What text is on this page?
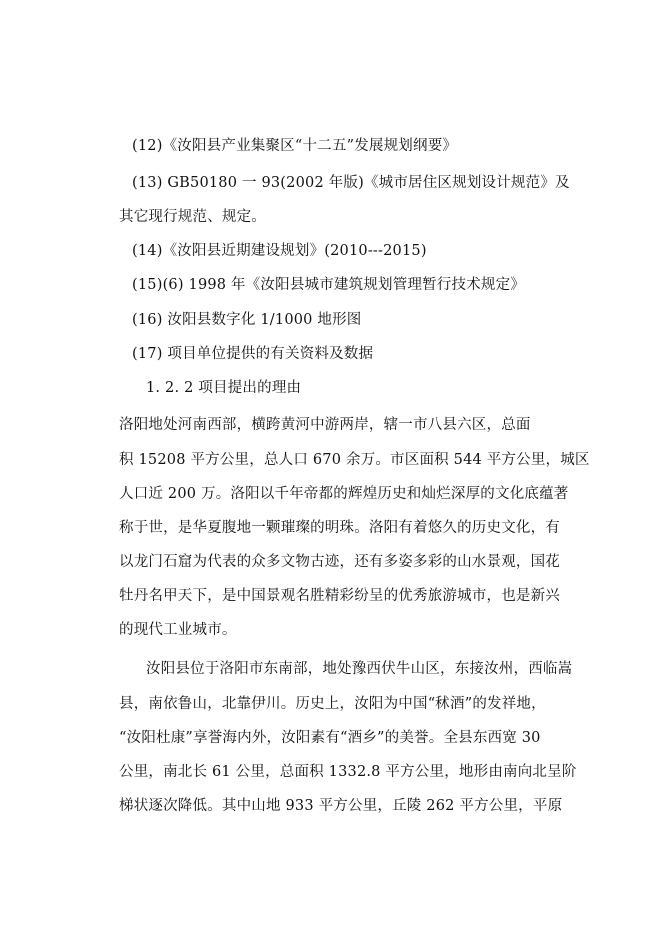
(12)《汝阳县产业集聚区“十二五”发展规划纲要》
(13) GB50180 一 93(2002 年版)《城市居住区规划设计规范》及
其它现行规范、规定。
(14)《汝阳县近期建设规划》(2010---2015)
(15)(6) 1998 年《汝阳县城市建筑规划管理暂行技术规定》
(16) 汝阳县数字化 1/1000 地形图
(17) 项目单位提供的有关资料及数据
1. 2. 2 项目提出的理由
洛阳地处河南西部，横跨黄河中游两岸，辖一市八县六区，总面
积 15208 平方公里，总人口 670 余万。市区面积 544 平方公里，城区
人口近 200 万。洛阳以千年帝都的辉煌历史和灿烂深厚的文化底蕴著
称于世，是华夏腹地一颗璀璨的明珠。洛阳有着悠久的历史文化，有
以龙门石窟为代表的众多文物古迹，还有多姿多彩的山水景观，国花
牡丹名甲天下，是中国景观名胜精彩纷呈的优秀旅游城市，也是新兴
的现代工业城市。
汝阳县位于洛阳市东南部，地处豫西伏牛山区，东接汝州，西临嵩
县，南依鲁山，北靠伊川。历史上，汝阳为中国“秫酒”的发祥地，
“汝阳杜康”享誉海内外，汝阳素有“酒乡”的美誉。全县东西宽 30
公里，南北长 61 公里，总面积 1332.8 平方公里，地形由南向北呈阶
梯状逐次降低。其中山地 933 平方公里，丘陵 262 平方公里，平原
